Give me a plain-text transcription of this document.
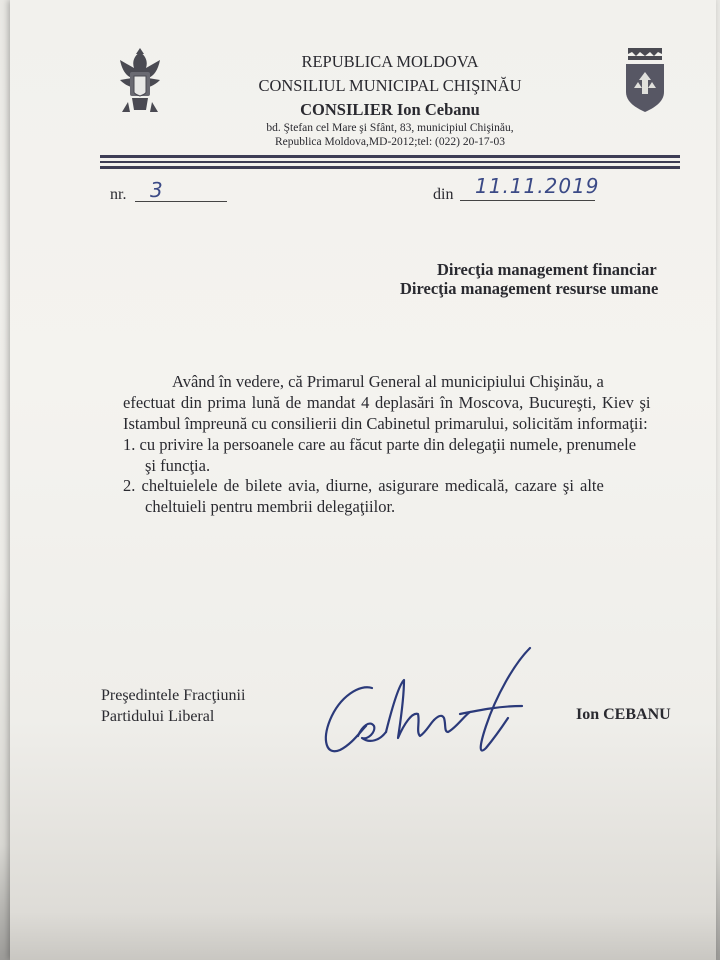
REPUBLICA MOLDOVA
CONSILIUL MUNICIPAL CHIŞINĂU
CONSILIER Ion Cebanu
bd. Ştefan cel Mare şi Sfânt, 83, municipiul Chişinău,
Republica Moldova,MD-2012;tel: (022) 20-17-03
nr. 3	din 11.11.2019
Direcţia management financiar
Direcţia management resurse umane
Având în vedere, că Primarul General al municipiului Chişinău, a
efectuat din prima lună de mandat 4 deplasări în Moscova, Bucureşti, Kiev şi
Istambul împreună cu consilierii din Cabinetul primarului, solicităm informaţii:
1. cu privire la persoanele care au făcut parte din delegaţii numele, prenumele
şi funcţia.
2. cheltuielele de bilete avia, diurne, asigurare medicală, cazare şi alte
cheltuieli pentru membrii delegaţiilor.
Preşedintele Fracţiunii
Partidului Liberal	Ion CEBANU
